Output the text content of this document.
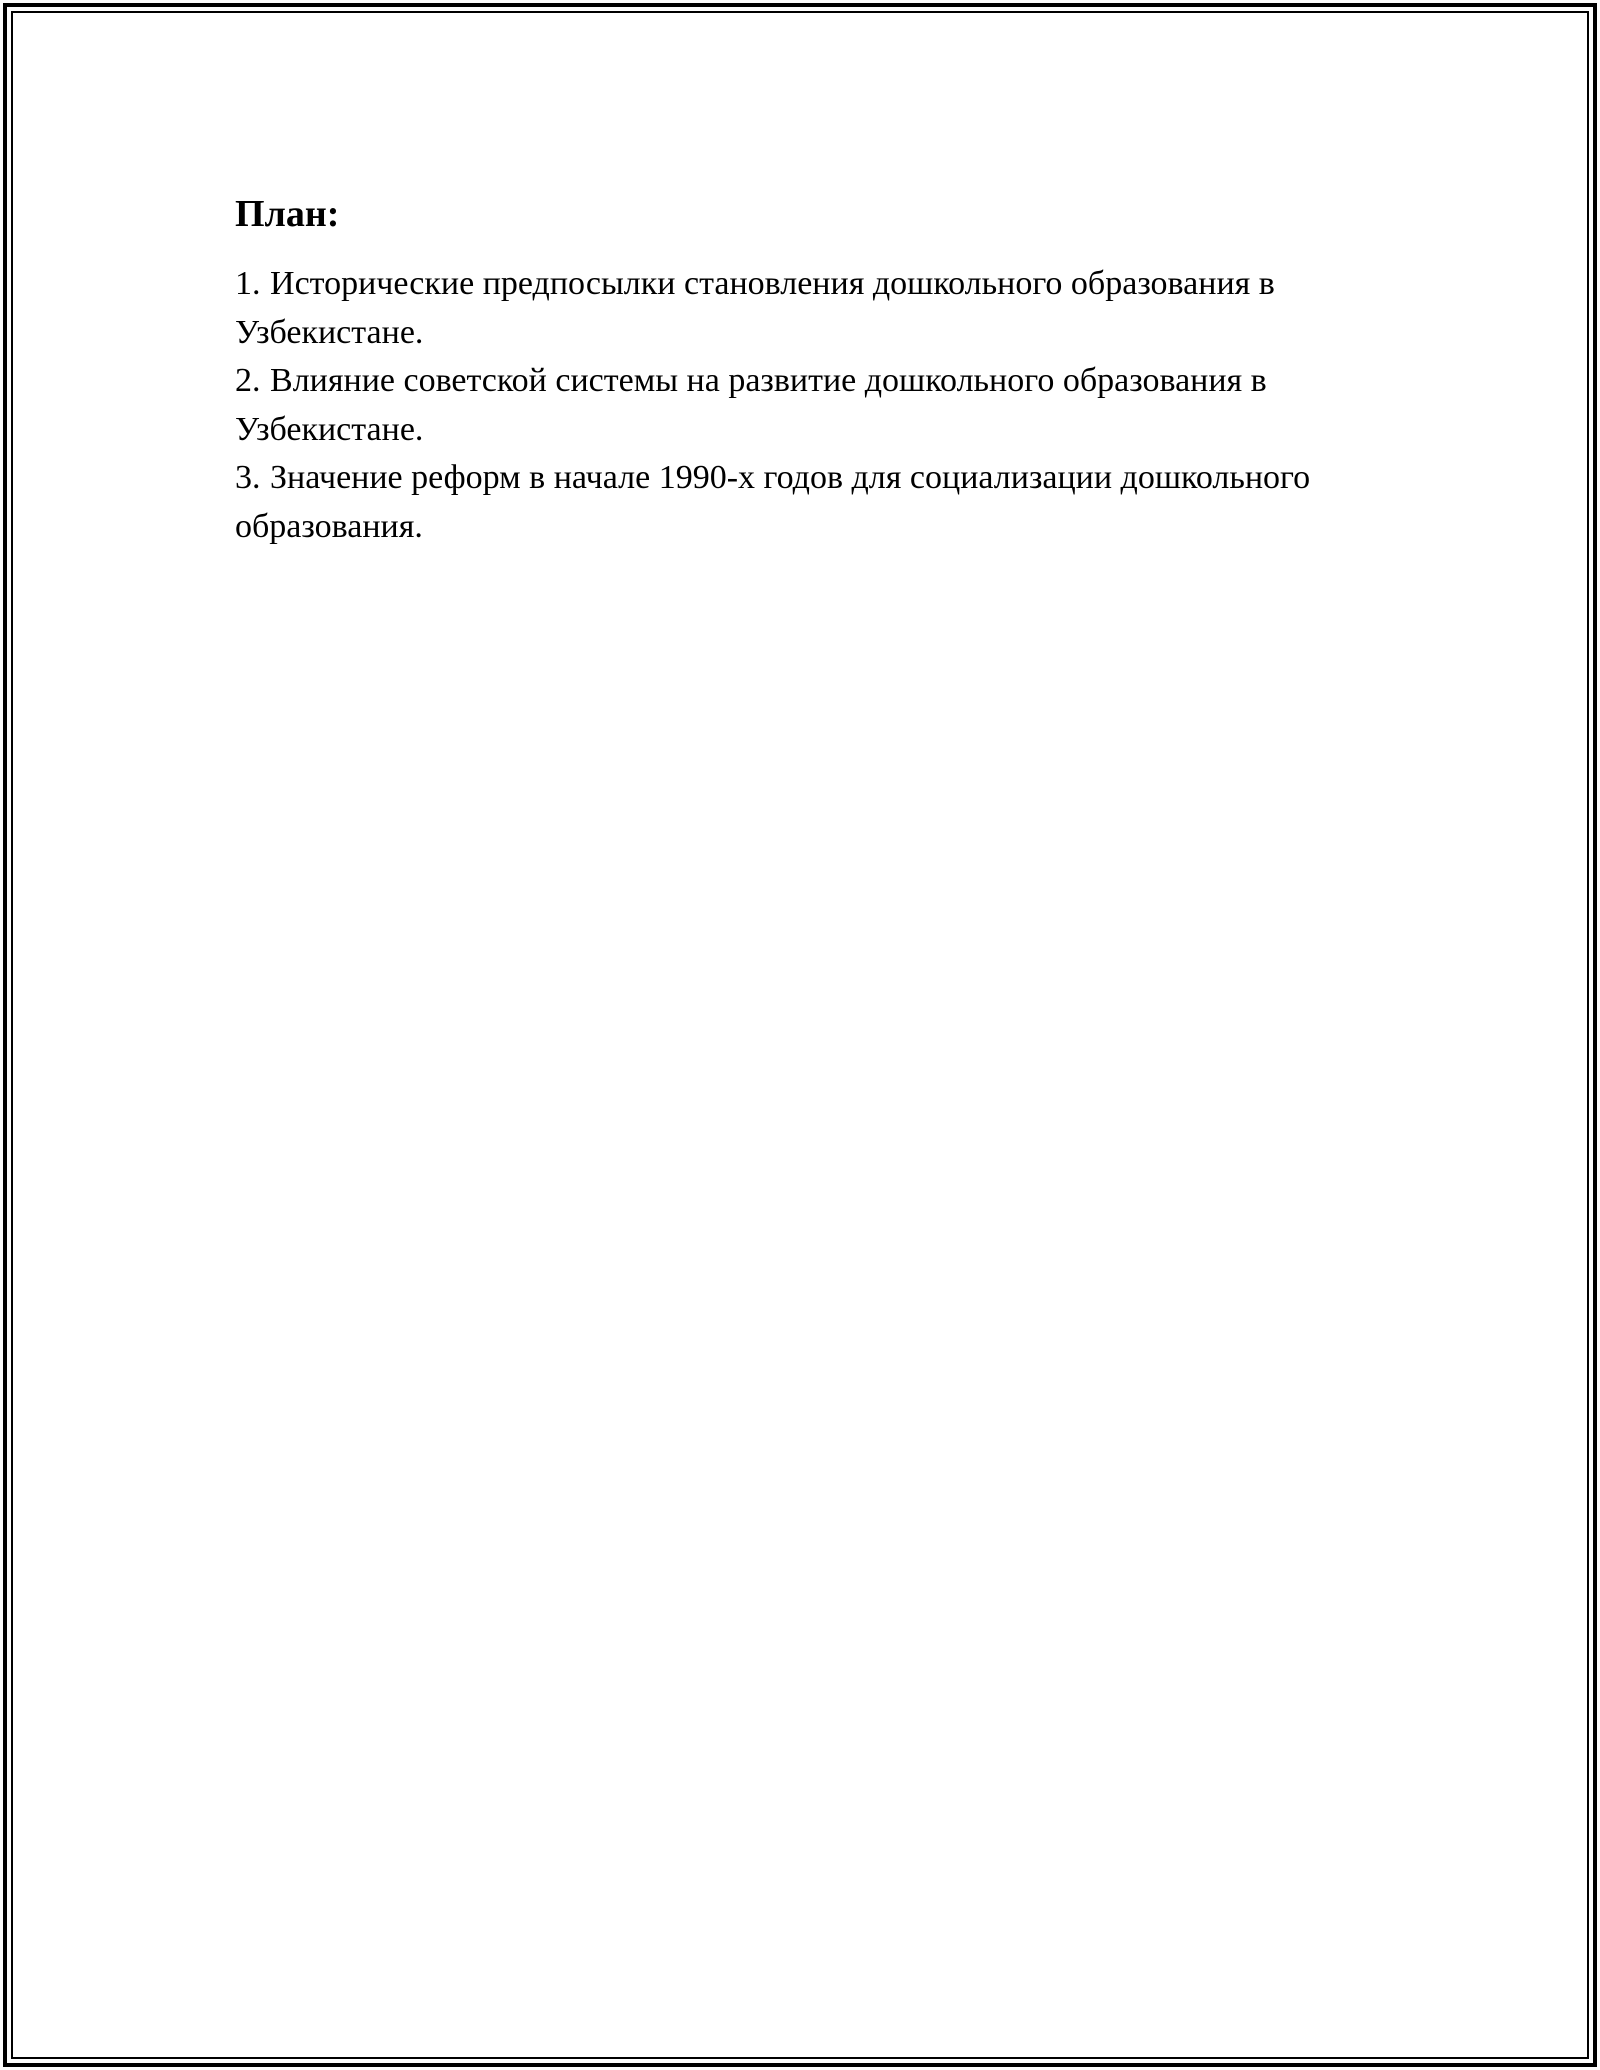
План:
1. Исторические предпосылки становления дошкольного образования в Узбекистане.
2. Влияние советской системы на развитие дошкольного образования в Узбекистане.
3. Значение реформ в начале 1990-х годов для социализации дошкольного образования.
